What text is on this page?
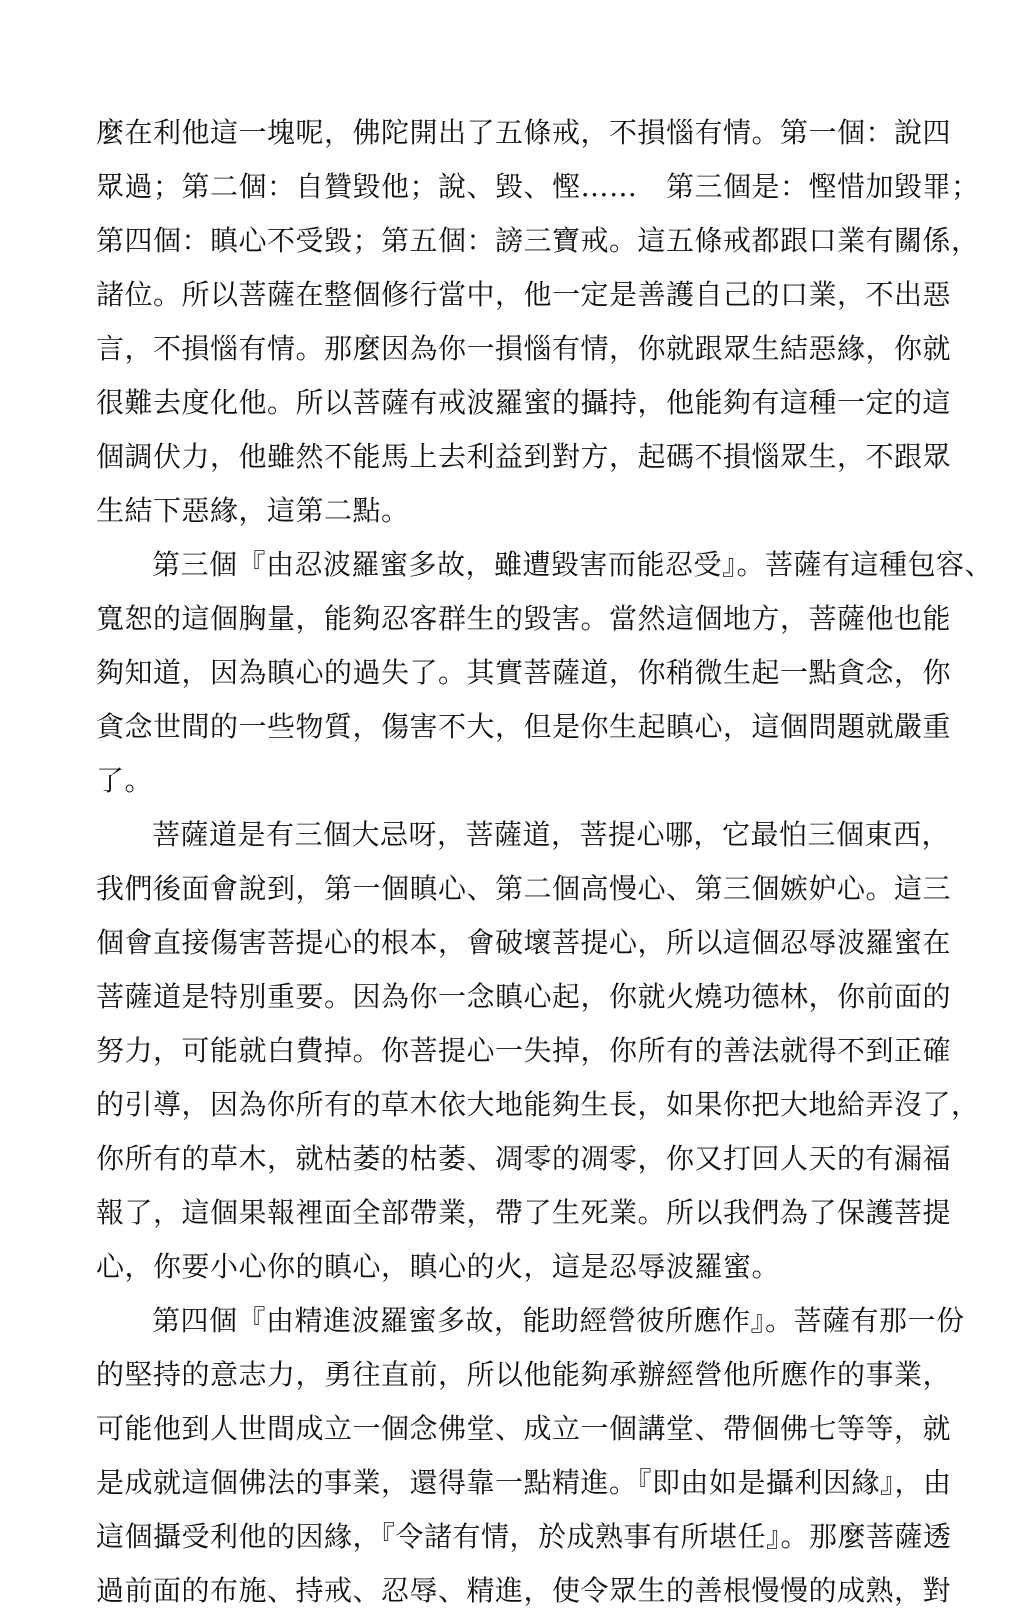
麼在利他這一塊呢，佛陀開出了五條戒，不損惱有情。第一個：說四
眾過；第二個：自贊毀他；說、毀、慳……　第三個是：慳惜加毀罪；
第四個：瞋心不受毀；第五個：謗三寶戒。這五條戒都跟口業有關係，
諸位。所以菩薩在整個修行當中，他一定是善護自己的口業，不出惡
言，不損惱有情。那麼因為你一損惱有情，你就跟眾生結惡緣，你就
很難去度化他。所以菩薩有戒波羅蜜的攝持，他能夠有這種一定的這
個調伏力，他雖然不能馬上去利益到對方，起碼不損惱眾生，不跟眾
生結下惡緣，這第二點。
第三個『由忍波羅蜜多故，雖遭毀害而能忍受』。菩薩有這種包容、
寬恕的這個胸量，能夠忍客群生的毀害。當然這個地方，菩薩他也能
夠知道，因為瞋心的過失了。其實菩薩道，你稍微生起一點貪念，你
貪念世間的一些物質，傷害不大，但是你生起瞋心，這個問題就嚴重
了。
菩薩道是有三個大忌呀，菩薩道，菩提心哪，它最怕三個東西，
我們後面會說到，第一個瞋心、第二個高慢心、第三個嫉妒心。這三
個會直接傷害菩提心的根本，會破壞菩提心，所以這個忍辱波羅蜜在
菩薩道是特別重要。因為你一念瞋心起，你就火燒功德林，你前面的
努力，可能就白費掉。你菩提心一失掉，你所有的善法就得不到正確
的引導，因為你所有的草木依大地能夠生長，如果你把大地給弄沒了，
你所有的草木，就枯萎的枯萎、凋零的凋零，你又打回人天的有漏福
報了，這個果報裡面全部帶業，帶了生死業。所以我們為了保護菩提
心，你要小心你的瞋心，瞋心的火，這是忍辱波羅蜜。
第四個『由精進波羅蜜多故，能助經營彼所應作』。菩薩有那一份
的堅持的意志力，勇往直前，所以他能夠承辦經營他所應作的事業，
可能他到人世間成立一個念佛堂、成立一個講堂、帶個佛七等等，就
是成就這個佛法的事業，還得靠一點精進。『即由如是攝利因緣』，由
這個攝受利他的因緣，『令諸有情，於成熟事有所堪任』。那麼菩薩透
過前面的布施、持戒、忍辱、精進，使令眾生的善根慢慢的成熟，對
